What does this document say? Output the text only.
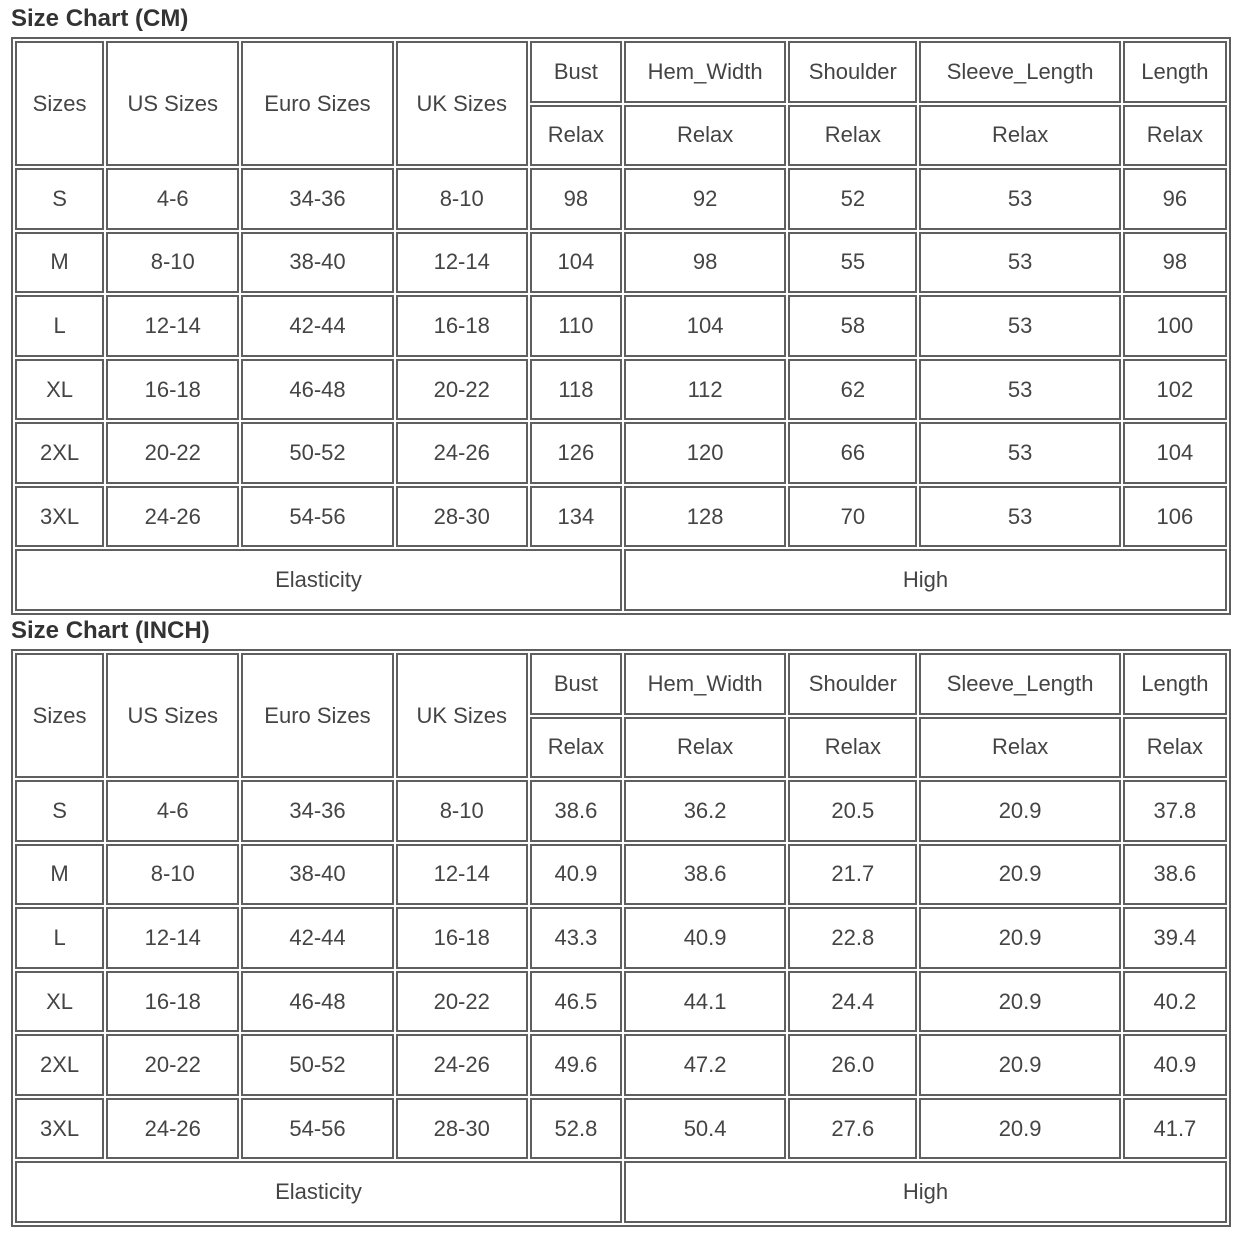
Size Chart (CM)
Sizes	US Sizes	Euro Sizes	UK Sizes	Bust	Hem_Width	Shoulder	Sleeve_Length	Length
				Relax	Relax	Relax	Relax	Relax
S	4-6	34-36	8-10	98	92	52	53	96
M	8-10	38-40	12-14	104	98	55	53	98
L	12-14	42-44	16-18	110	104	58	53	100
XL	16-18	46-48	20-22	118	112	62	53	102
2XL	20-22	50-52	24-26	126	120	66	53	104
3XL	24-26	54-56	28-30	134	128	70	53	106
Elasticity					High			
Size Chart (INCH)
Sizes	US Sizes	Euro Sizes	UK Sizes	Bust	Hem_Width	Shoulder	Sleeve_Length	Length
				Relax	Relax	Relax	Relax	Relax
S	4-6	34-36	8-10	38.6	36.2	20.5	20.9	37.8
M	8-10	38-40	12-14	40.9	38.6	21.7	20.9	38.6
L	12-14	42-44	16-18	43.3	40.9	22.8	20.9	39.4
XL	16-18	46-48	20-22	46.5	44.1	24.4	20.9	40.2
2XL	20-22	50-52	24-26	49.6	47.2	26.0	20.9	40.9
3XL	24-26	54-56	28-30	52.8	50.4	27.6	20.9	41.7
Elasticity					High			
